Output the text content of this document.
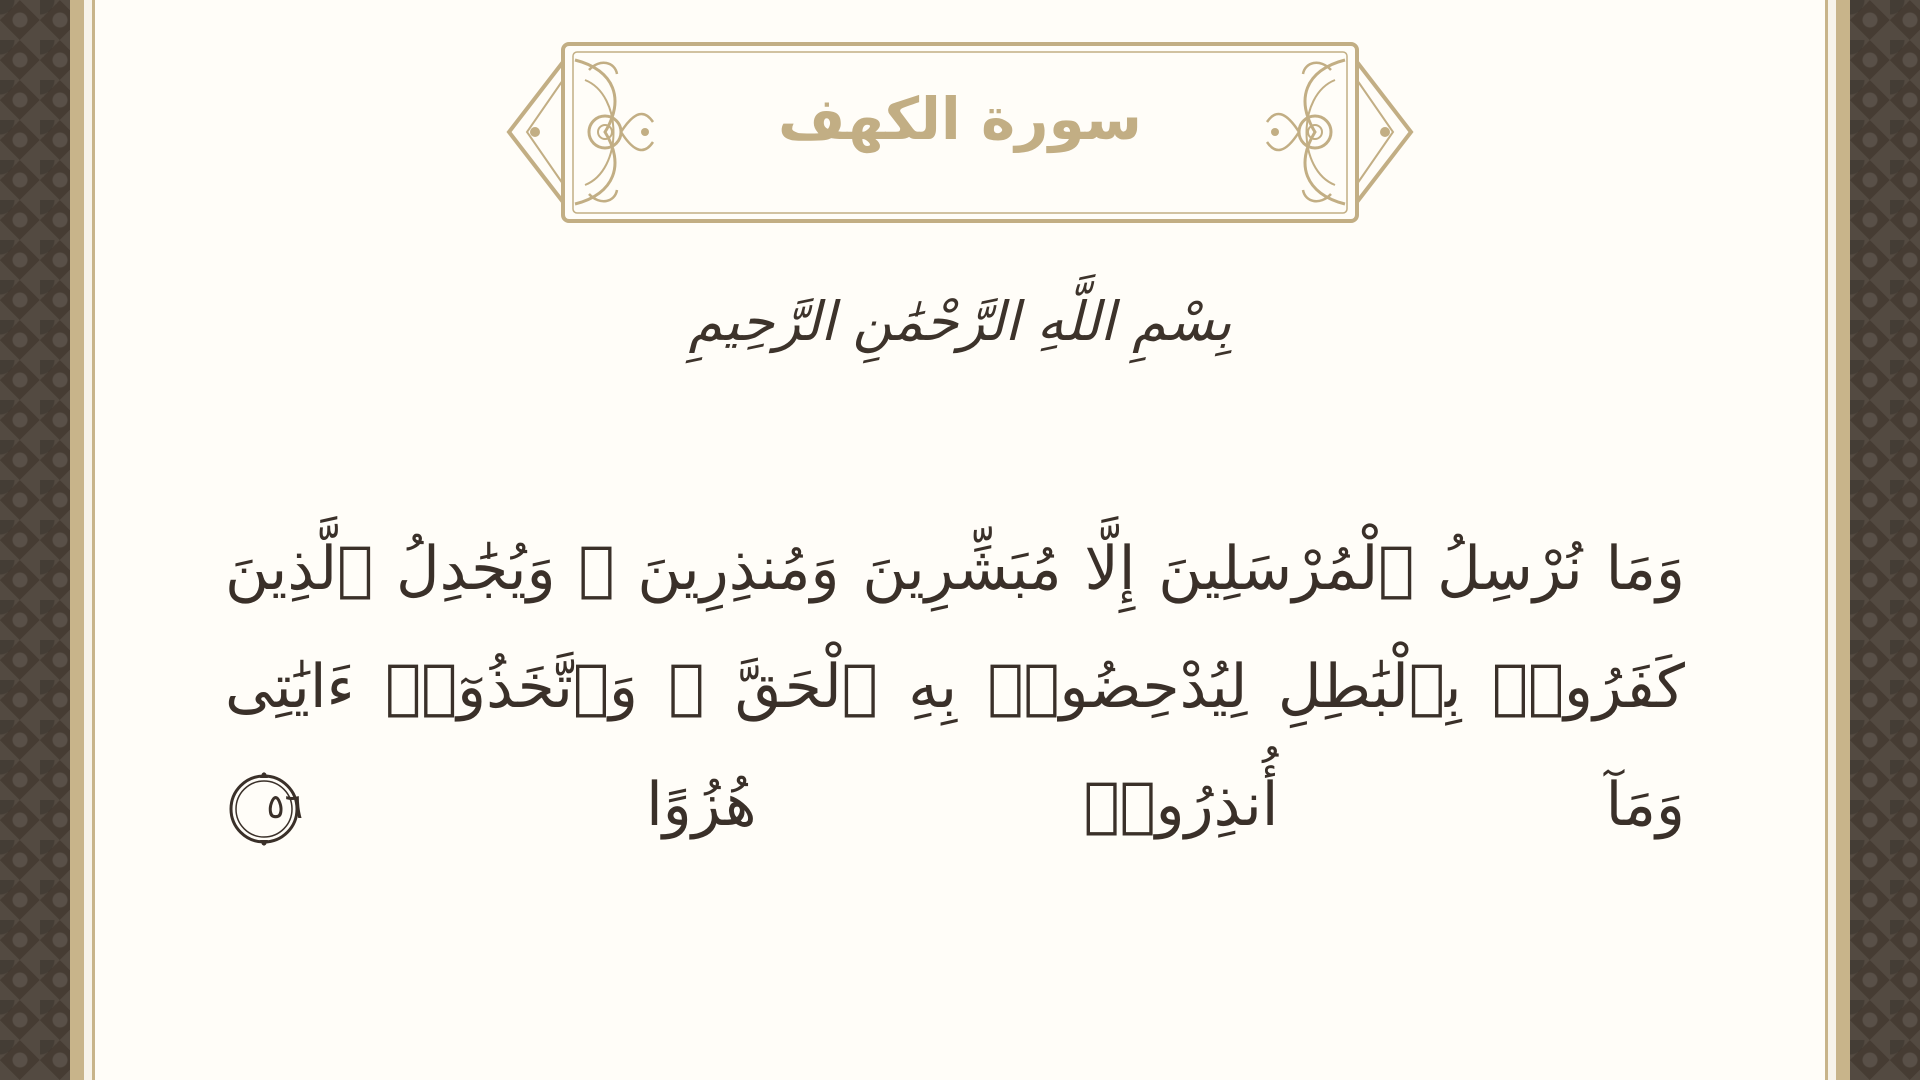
سورة الكهف
بِسْمِ اللَّهِ الرَّحْمَٰنِ الرَّحِيمِ
وَمَا نُرْسِلُ ٱلْمُرْسَلِينَ إِلَّا مُبَشِّرِينَ وَمُنذِرِينَ ۚ وَيُجَٰدِلُ ٱلَّذِينَ كَفَرُوا۟ بِٱلْبَٰطِلِ لِيُدْحِضُوا۟ بِهِ ٱلْحَقَّ ۖ وَٱتَّخَذُوٓا۟ ءَايَٰتِى وَمَآ أُنذِرُوا۟ هُزُوًا
٥٦
